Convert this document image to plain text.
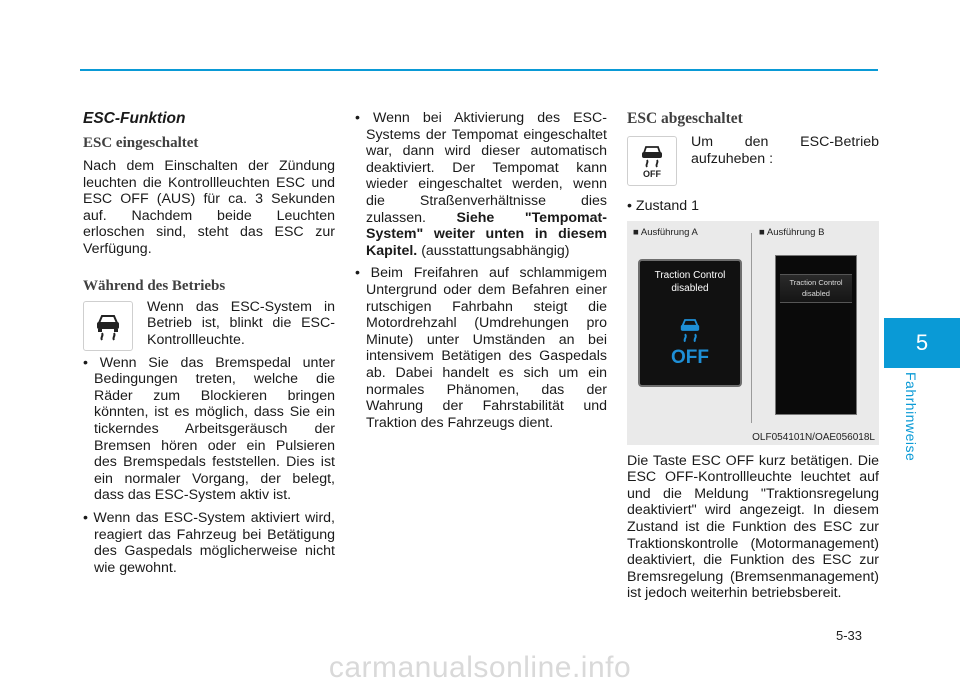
ESC-Funktion
ESC eingeschaltet

Nach dem Einschalten der Zündung leuchten die Kontrollleuchten ESC und ESC OFF (AUS) für ca. 3 Sekunden auf. Nachdem beide Leuchten erloschen sind, steht das ESC zur Verfügung.

Während des Betriebs

Wenn das ESC-System in Betrieb ist, blinkt die ESC-Kontrollleuchte.

• Wenn Sie das Bremspedal unter Bedingungen treten, welche die Räder zum Blockieren bringen könnten, ist es möglich, dass Sie ein tickerndes Arbeitsgeräusch der Bremsen hören oder ein Pulsieren des Bremspedals feststellen. Dies ist ein normaler Vorgang, der belegt, dass das ESC-System aktiv ist.

• Wenn das ESC-System aktiviert wird, reagiert das Fahrzeug bei Betätigung des Gaspedals möglicherweise nicht wie gewohnt.

• Wenn bei Aktivierung des ESC-Systems der Tempomat eingeschaltet war, dann wird dieser automatisch deaktiviert. Der Tempomat kann wieder eingeschaltet werden, wenn die Straßenverhältnisse dies zulassen. Siehe "Tempomat-System" weiter unten in diesem Kapitel. (ausstattungsabhängig)

• Beim Freifahren auf schlammigem Untergrund oder dem Befahren einer rutschigen Fahrbahn steigt die Motordrehzahl (Umdrehungen pro Minute) unter Umständen an bei intensivem Betätigen des Gaspedals ab. Dabei handelt es sich um ein normales Phänomen, das der Wahrung der Fahrstabilität und Traktion des Fahrzeugs dient.

ESC abgeschaltet
OFF

Um den ESC-Betrieb aufzuheben :

• Zustand 1

■ Ausführung A	■ Ausführung B
Traction Control
disabled
OFF
Traction Control
disabled
OLF054101N/OAE056018L

Die Taste ESC OFF kurz betätigen. Die ESC OFF-Kontrollleuchte leuchtet auf und die Meldung "Traktionsregelung deaktiviert" wird angezeigt. In diesem Zustand ist die Funktion des ESC zur Traktionskontrolle (Motormanagement) deaktiviert, die Funktion des ESC zur Bremsregelung (Bremsenmanagement) ist jedoch weiterhin betriebsbereit.

5
Fahrhinweise
5-33
carmanualsonline.info
